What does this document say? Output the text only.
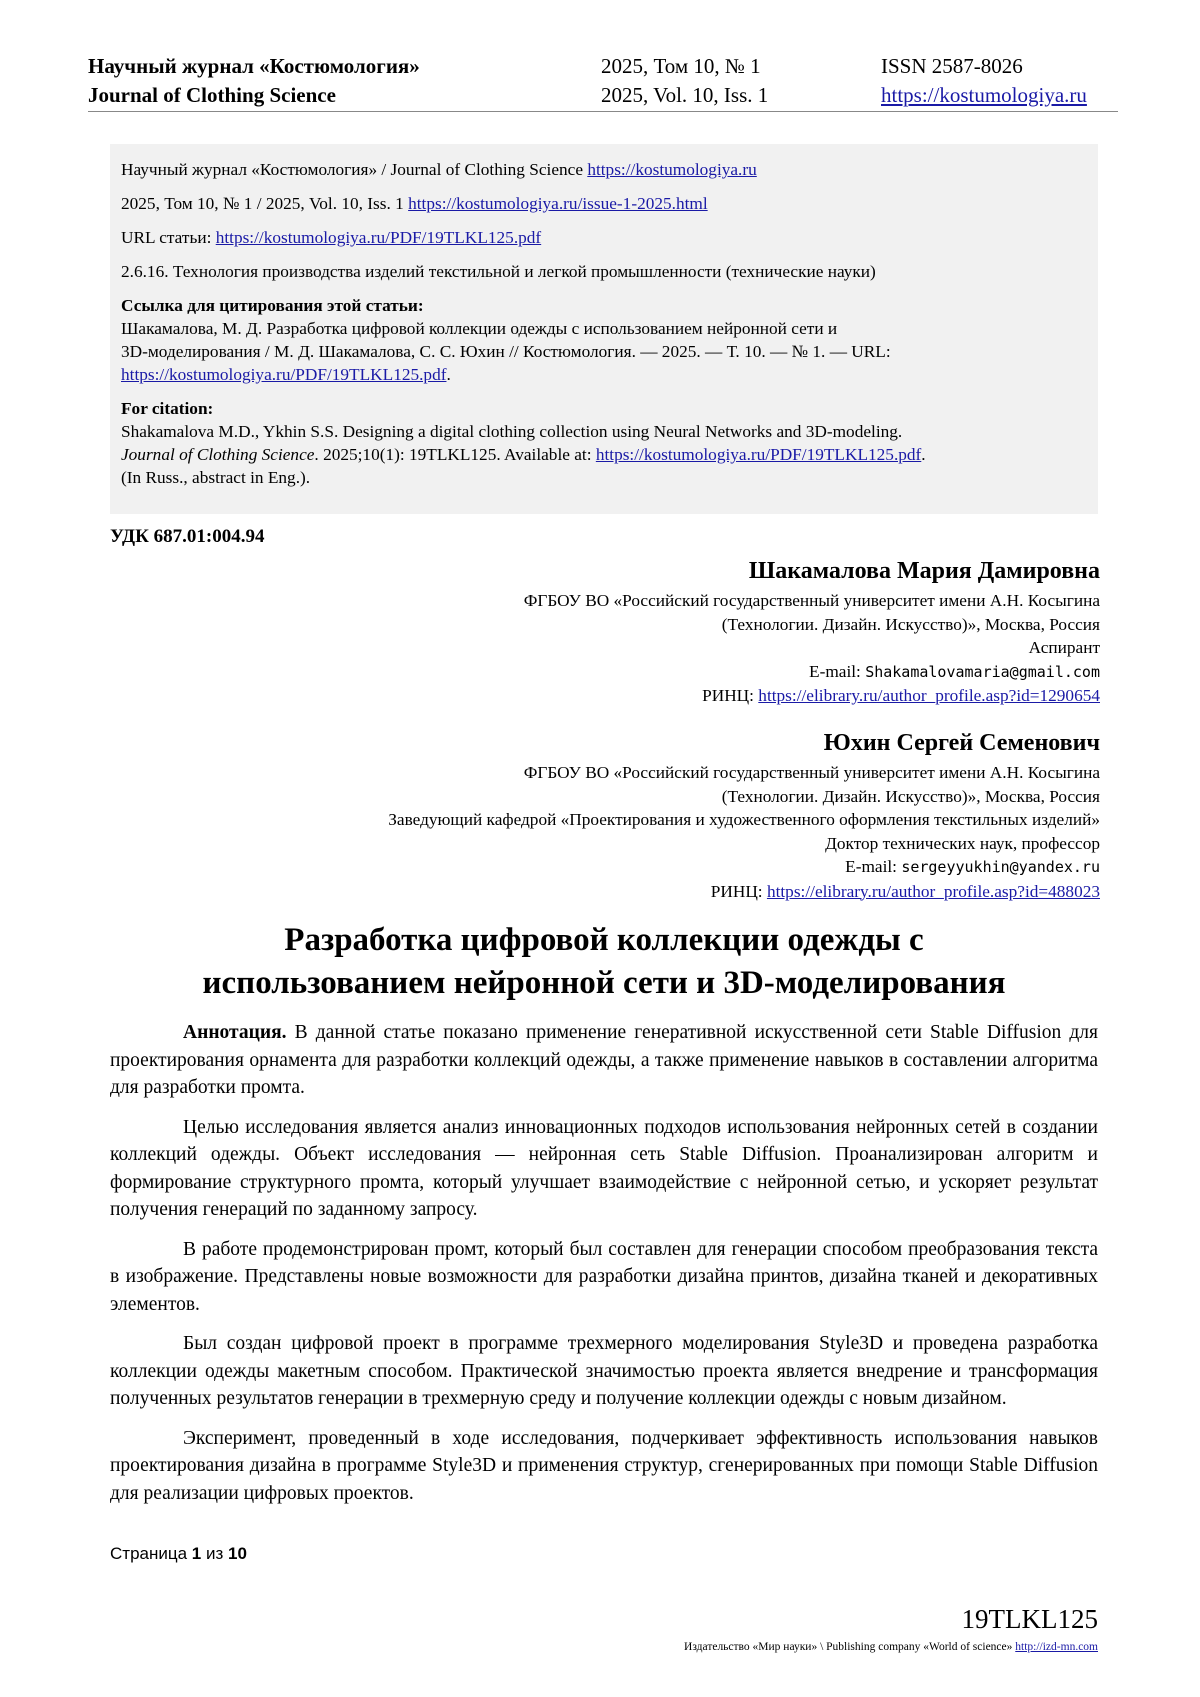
Научный журнал «Костюмология»
Journal of Clothing Science
2025, Том 10, № 1
2025, Vol. 10, Iss. 1
ISSN 2587-8026
https://kostumologiya.ru

Научный журнал «Костюмология» / Journal of Clothing Science https://kostumologiya.ru

2025, Том 10, № 1 / 2025, Vol. 10, Iss. 1 https://kostumologiya.ru/issue-1-2025.html

URL статьи: https://kostumologiya.ru/PDF/19TLKL125.pdf

2.6.16. Технология производства изделий текстильной и легкой промышленности (технические науки)

Ссылка для цитирования этой статьи:
Шакамалова, М. Д. Разработка цифровой коллекции одежды с использованием нейронной сети и
3D-моделирования / М. Д. Шакамалова, С. С. Юхин // Костюмология. — 2025. — Т. 10. — № 1. — URL:
https://kostumologiya.ru/PDF/19TLKL125.pdf.
For citation:
Shakamalova M.D., Ykhin S.S. Designing a digital clothing collection using Neural Networks and 3D-modeling.
Journal of Clothing Science. 2025;10(1): 19TLKL125. Available at: https://kostumologiya.ru/PDF/19TLKL125.pdf.
(In Russ., abstract in Eng.).
УДК 687.01:004.94
Шакамалова Мария Дамировна
ФГБОУ ВО «Российский государственный университет имени А.Н. Косыгина
(Технологии. Дизайн. Искусство)», Москва, Россия
Аспирант
E-mail: Shakamalovamaria@gmail.com
РИНЦ: https://elibrary.ru/author_profile.asp?id=1290654
Юхин Сергей Семенович
ФГБОУ ВО «Российский государственный университет имени А.Н. Косыгина
(Технологии. Дизайн. Искусство)», Москва, Россия
Заведующий кафедрой «Проектирования и художественного оформления текстильных изделий»
Доктор технических наук, профессор
E-mail: sergeyyukhin@yandex.ru
РИНЦ: https://elibrary.ru/author_profile.asp?id=488023
Разработка цифровой коллекции одежды с
использованием нейронной сети и 3D-моделирования

Аннотация. В данной статье показано применение генеративной искусственной сети Stable Diffusion для проектирования орнамента для разработки коллекций одежды, а также применение навыков в составлении алгоритма для разработки промта.

Целью исследования является анализ инновационных подходов использования нейронных сетей в создании коллекций одежды. Объект исследования — нейронная сеть Stable Diffusion. Проанализирован алгоритм и формирование структурного промта, который улучшает взаимодействие с нейронной сетью, и ускоряет результат получения генераций по заданному запросу.

В работе продемонстрирован промт, который был составлен для генерации способом преобразования текста в изображение. Представлены новые возможности для разработки дизайна принтов, дизайна тканей и декоративных элементов.

Был создан цифровой проект в программе трехмерного моделирования Style3D и проведена разработка коллекции одежды макетным способом. Практической значимостью проекта является внедрение и трансформация полученных результатов генерации в трехмерную среду и получение коллекции одежды с новым дизайном.

Эксперимент, проведенный в ходе исследования, подчеркивает эффективность использования навыков проектирования дизайна в программе Style3D и применения структур, сгенерированных при помощи Stable Diffusion для реализации цифровых проектов.

Страница 1 из 10
19TLKL125
Издательство «Мир науки» \ Publishing company «World of science» http://izd-mn.com
